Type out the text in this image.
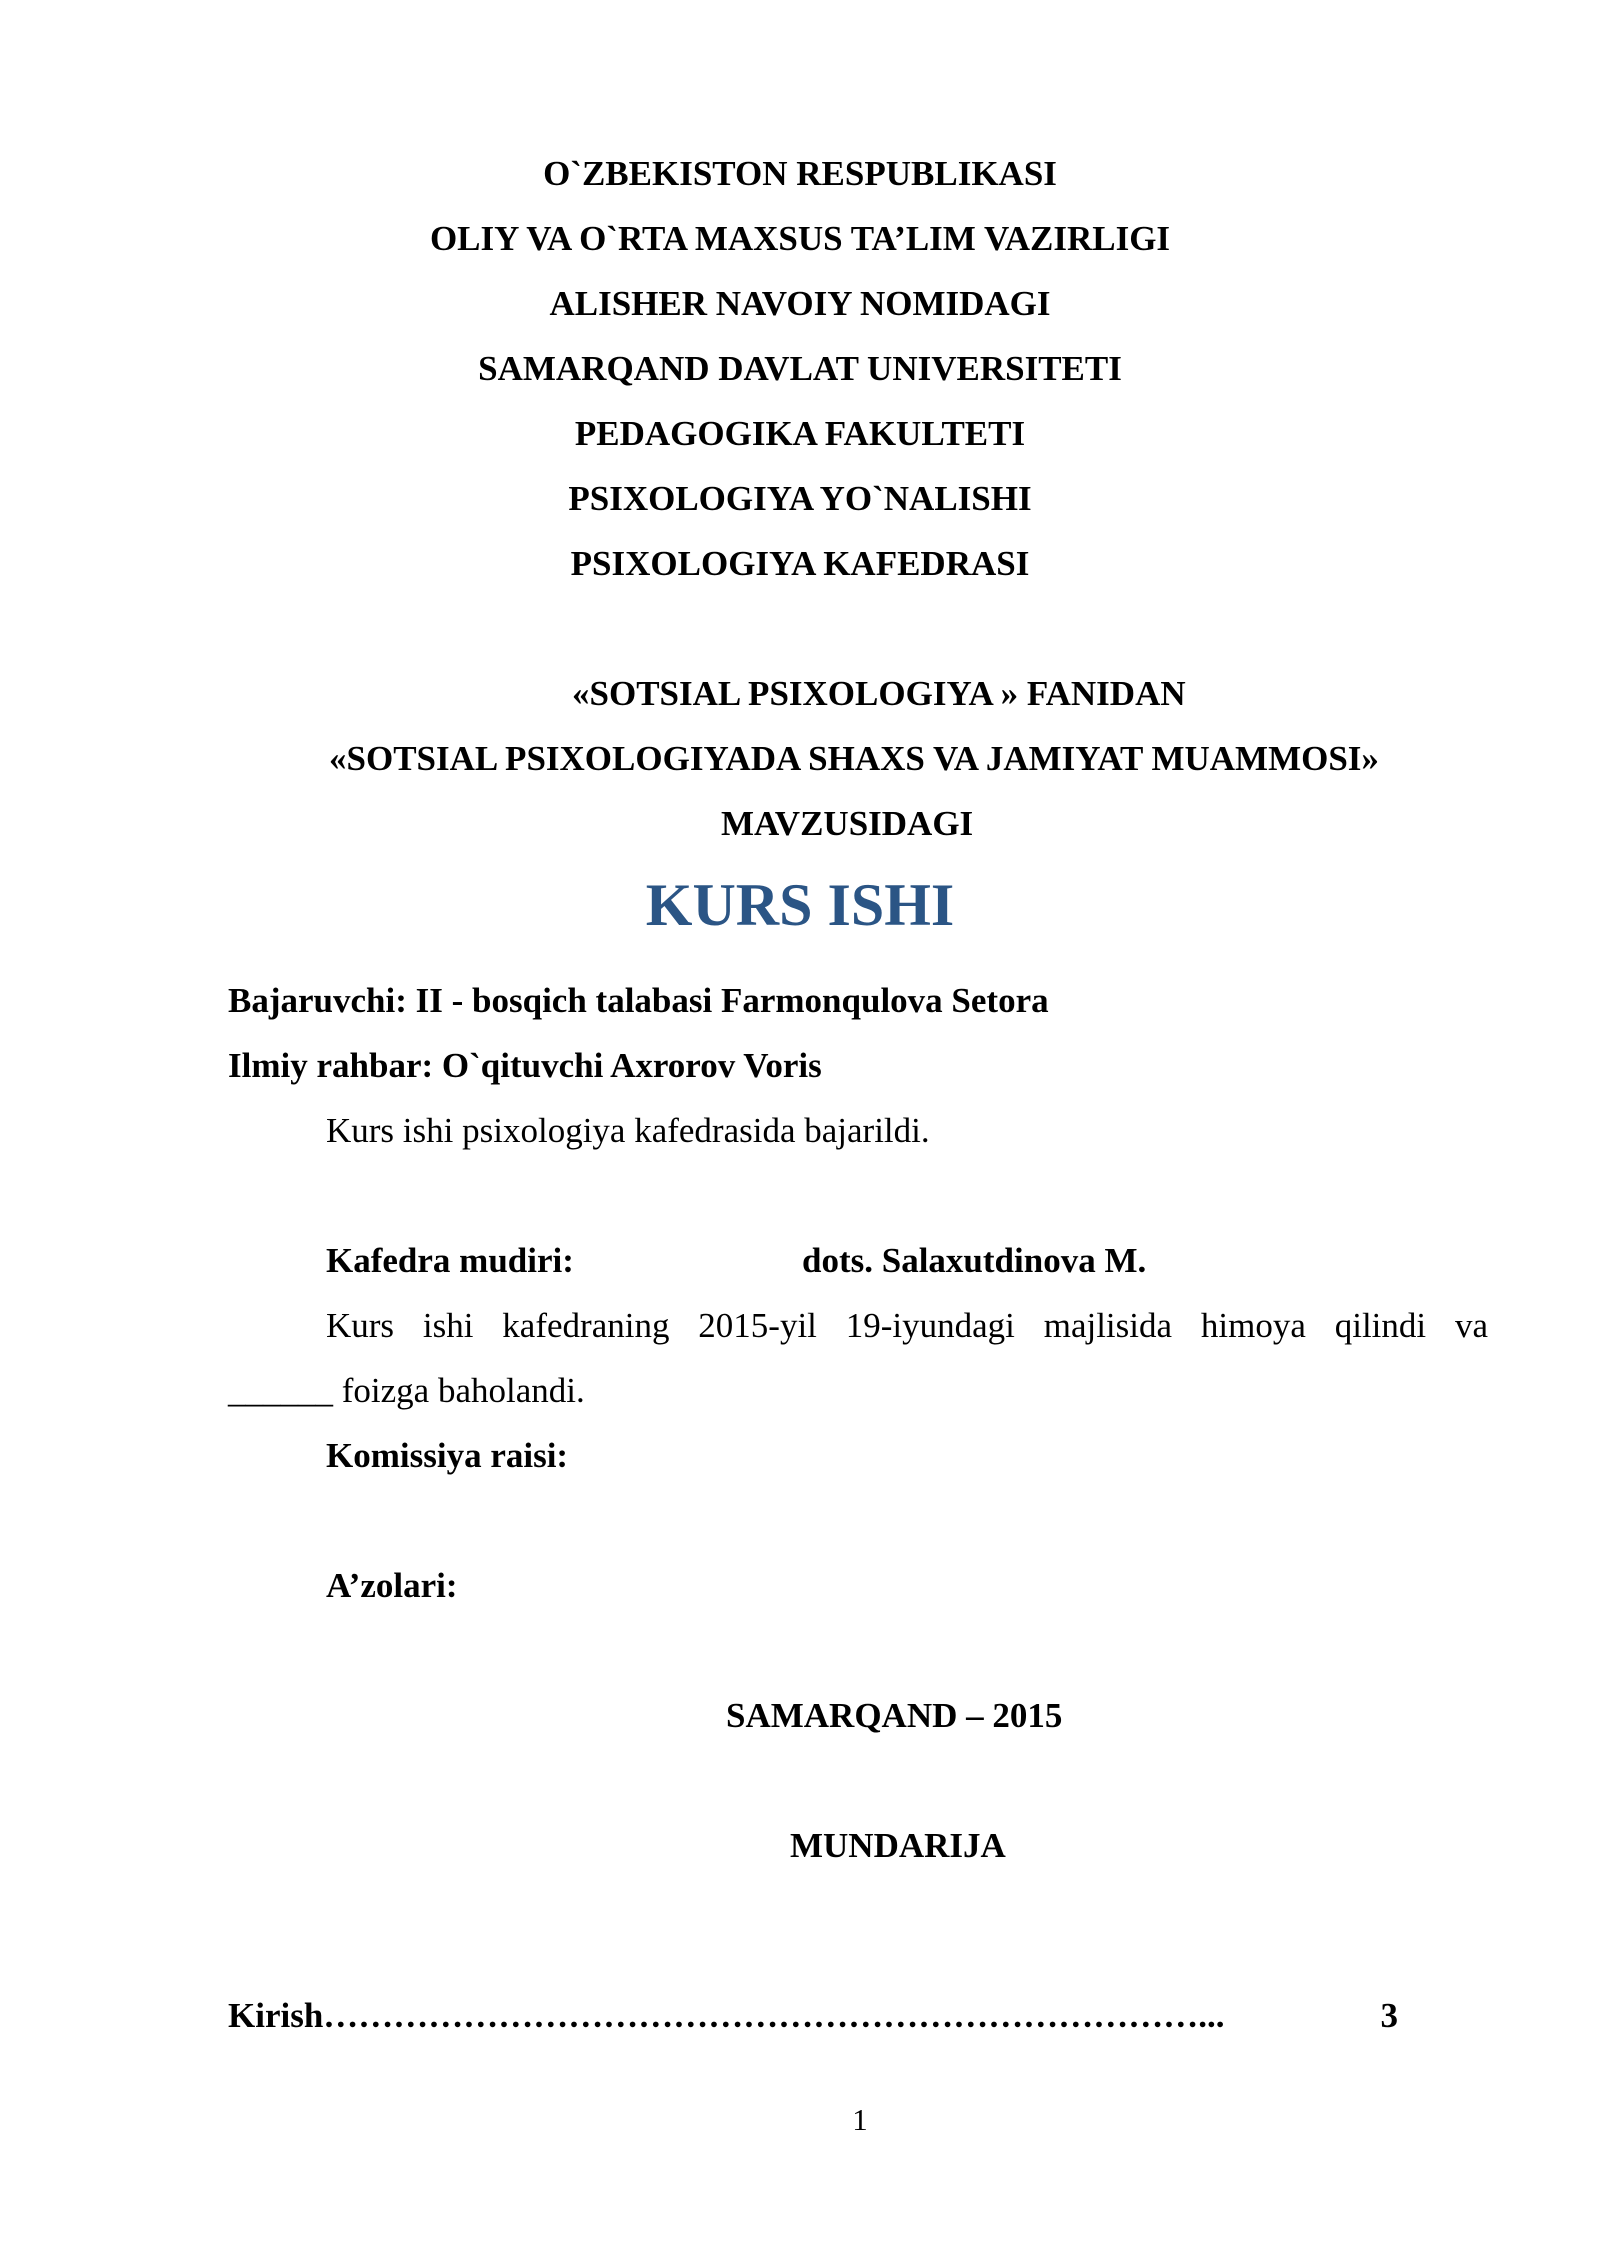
O`ZBEKISTON RESPUBLIKASI
OLIY VA O`RTA MAXSUS TA’LIM VAZIRLIGI
ALISHER NAVOIY NOMIDAGI
SAMARQAND DAVLAT UNIVERSITETI
PEDAGOGIKA FAKULTETI
PSIXOLOGIYA YO`NALISHI
PSIXOLOGIYA KAFEDRASI
«SOTSIAL PSIXOLOGIYA » FANIDAN
«SOTSIAL PSIXOLOGIYADA SHAXS VA JAMIYAT MUAMMOSI»
MAVZUSIDAGI
KURS ISHI
Bajaruvchi: II - bosqich talabasi Farmonqulova Setora
Ilmiy rahbar: O`qituvchi Axrorov Voris
Kurs ishi psixologiya kafedrasida bajarildi.
Kafedra mudiri:	dots. Salaxutdinova M.
Kurs ishi kafedraning 2015-yil 19-iyundagi majlisida himoya qilindi va
______ foizga baholandi.
Komissiya raisi:
A’zolari:
SAMARQAND – 2015
MUNDARIJA
Kirish …………………………………………………………………...	3
1
